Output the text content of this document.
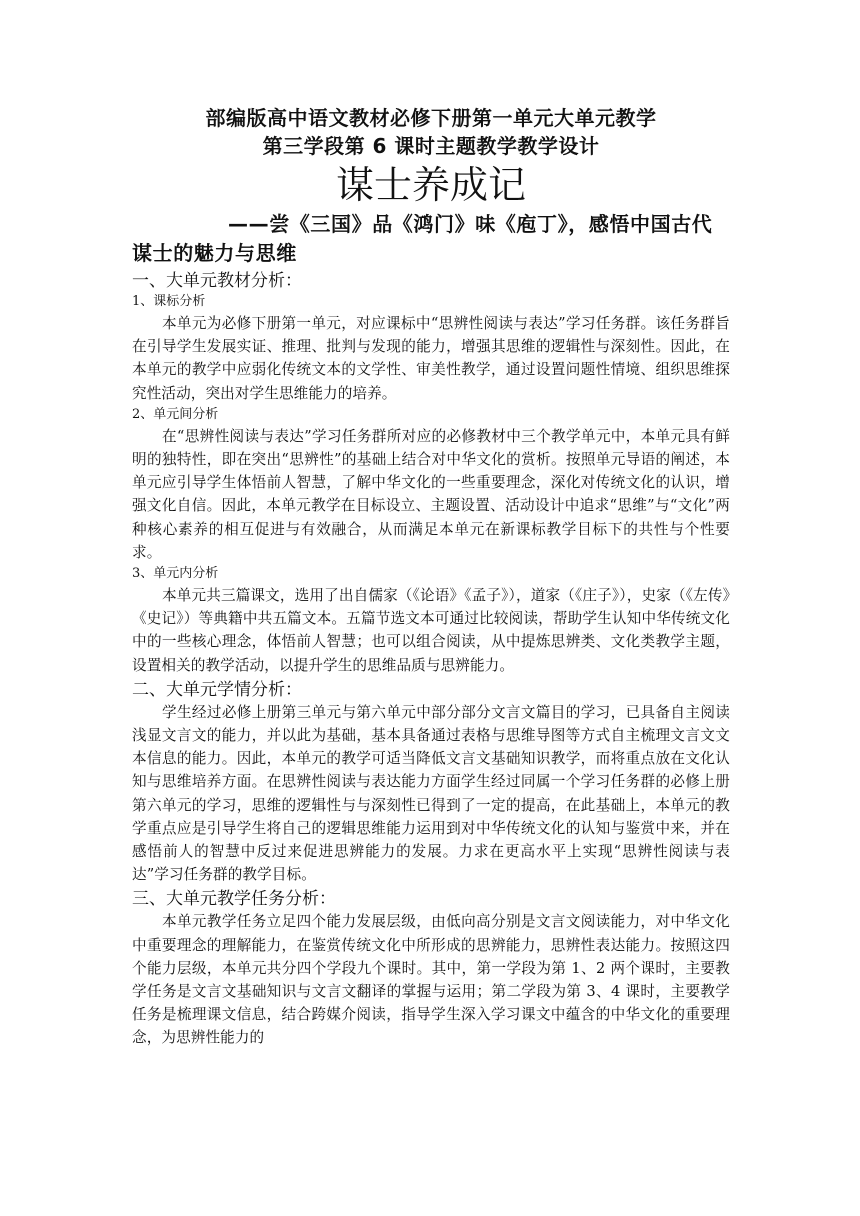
部编版高中语文教材必修下册第一单元大单元教学
第三学段第 6 课时主题教学教学设计
谋士养成记
——尝《三国》品《鸿门》味《庖丁》，感悟中国古代谋士的魅力与思维
一、大单元教材分析：
1、课标分析
本单元为必修下册第一单元，对应课标中“思辨性阅读与表达”学习任务群。该任务群旨在引导学生发展实证、推理、批判与发现的能力，增强其思维的逻辑性与深刻性。因此，在本单元的教学中应弱化传统文本的文学性、审美性教学，通过设置问题性情境、组织思维探究性活动，突出对学生思维能力的培养。
2、单元间分析
在“思辨性阅读与表达”学习任务群所对应的必修教材中三个教学单元中，本单元具有鲜明的独特性，即在突出“思辨性”的基础上结合对中华文化的赏析。按照单元导语的阐述，本单元应引导学生体悟前人智慧，了解中华文化的一些重要理念，深化对传统文化的认识，增强文化自信。因此，本单元教学在目标设立、主题设置、活动设计中追求“思维”与“文化”两种核心素养的相互促进与有效融合，从而满足本单元在新课标教学目标下的共性与个性要求。
3、单元内分析
本单元共三篇课文，选用了出自儒家（《论语》《孟子》），道家（《庄子》），史家（《左传》《史记》）等典籍中共五篇文本。五篇节选文本可通过比较阅读，帮助学生认知中华传统文化中的一些核心理念，体悟前人智慧；也可以组合阅读，从中提炼思辨类、文化类教学主题，设置相关的教学活动，以提升学生的思维品质与思辨能力。
二、大单元学情分析：
学生经过必修上册第三单元与第六单元中部分部分文言文篇目的学习，已具备自主阅读浅显文言文的能力，并以此为基础，基本具备通过表格与思维导图等方式自主梳理文言文文本信息的能力。因此，本单元的教学可适当降低文言文基础知识教学，而将重点放在文化认知与思维培养方面。在思辨性阅读与表达能力方面学生经过同属一个学习任务群的必修上册第六单元的学习，思维的逻辑性与与深刻性已得到了一定的提高，在此基础上，本单元的教学重点应是引导学生将自己的逻辑思维能力运用到对中华传统文化的认知与鉴赏中来，并在感悟前人的智慧中反过来促进思辨能力的发展。力求在更高水平上实现“思辨性阅读与表达”学习任务群的教学目标。
三、大单元教学任务分析：
本单元教学任务立足四个能力发展层级，由低向高分别是文言文阅读能力，对中华文化中重要理念的理解能力，在鉴赏传统文化中所形成的思辨能力，思辨性表达能力。按照这四个能力层级，本单元共分四个学段九个课时。其中，第一学段为第 1、2 两个课时，主要教学任务是文言文基础知识与文言文翻译的掌握与运用；第二学段为第 3、4 课时，主要教学任务是梳理课文信息，结合跨媒介阅读，指导学生深入学习课文中蕴含的中华文化的重要理念，为思辨性能力的
